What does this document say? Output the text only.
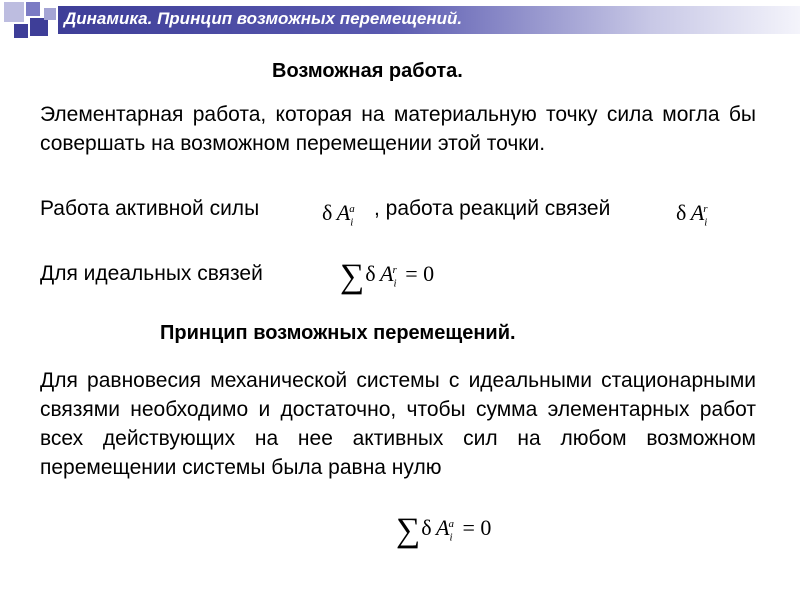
Динамика. Принцип возможных перемещений.
Возможная работа.
Элементарная работа, которая на материальную точку сила могла бы совершать на возможном перемещении этой точки.
Работа активной силы	δ  $A_i^a$ , работа реакций связей	δ  $A_i^r$
Для идеальных связей ∑δ  $A_i^r = 0$
Принцип возможных перемещений.
Для равновесия механической системы с идеальными стационарными связями необходимо и достаточно, чтобы сумма элементарных работ всех действующих на нее активных сил на любом возможном перемещении системы была равна нулю
∑δ  $A_i^a = 0$
